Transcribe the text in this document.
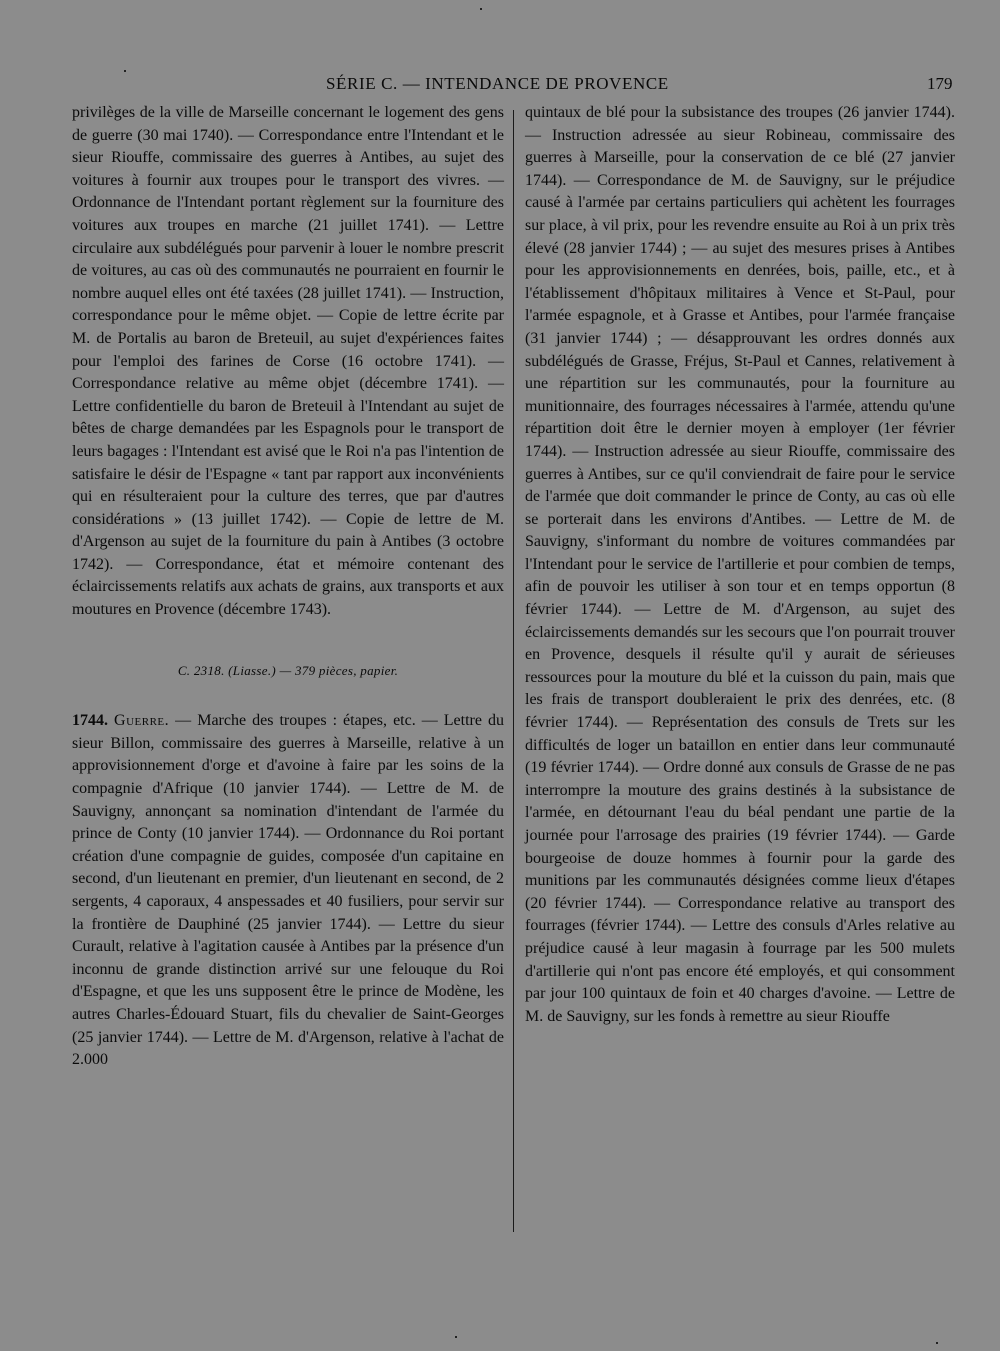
SÉRIE C. — INTENDANCE DE PROVENCE	179

privilèges de la ville de Marseille concernant le logement des gens de guerre (30 mai 1740). — Correspondance entre l'Intendant et le sieur Riouffe, commissaire des guerres à Antibes, au sujet des voitures à fournir aux troupes pour le transport des vivres. — Ordonnance de l'Intendant portant règlement sur la fourniture des voitures aux troupes en marche (21 juillet 1741). — Lettre circulaire aux subdélégués pour parvenir à louer le nombre prescrit de voitures, au cas où des communautés ne pourraient en fournir le nombre auquel elles ont été taxées (28 juillet 1741). — Instruction, correspondance pour le même objet. — Copie de lettre écrite par M. de Portalis au baron de Breteuil, au sujet d'expériences faites pour l'emploi des farines de Corse (16 octobre 1741). — Correspondance relative au même objet (décembre 1741). — Lettre confidentielle du baron de Breteuil à l'Intendant au sujet de bêtes de charge demandées par les Espagnols pour le transport de leurs bagages : l'Intendant est avisé que le Roi n'a pas l'intention de satisfaire le désir de l'Espagne « tant par rapport aux inconvénients qui en résulteraient pour la culture des terres, que par d'autres considérations » (13 juillet 1742). — Copie de lettre de M. d'Argenson au sujet de la fourniture du pain à Antibes (3 octobre 1742). — Correspondance, état et mémoire contenant des éclaircissements relatifs aux achats de grains, aux transports et aux moutures en Provence (décembre 1743).

C. 2318. (Liasse.) — 379 pièces, papier.

1744. Guerre. — Marche des troupes : étapes, etc. — Lettre du sieur Billon, commissaire des guerres à Marseille, relative à un approvisionnement d'orge et d'avoine à faire par les soins de la compagnie d'Afrique (10 janvier 1744). — Lettre de M. de Sauvigny, annonçant sa nomination d'intendant de l'armée du prince de Conty (10 janvier 1744). — Ordonnance du Roi portant création d'une compagnie de guides, composée d'un capitaine en second, d'un lieutenant en premier, d'un lieutenant en second, de 2 sergents, 4 caporaux, 4 anspessades et 40 fusiliers, pour servir sur la frontière de Dauphiné (25 janvier 1744). — Lettre du sieur Curault, relative à l'agitation causée à Antibes par la présence d'un inconnu de grande distinction arrivé sur une felouque du Roi d'Espagne, et que les uns supposent être le prince de Modène, les autres Charles-Édouard Stuart, fils du chevalier de Saint-Georges (25 janvier 1744). — Lettre de M. d'Argenson, relative à l'achat de 2.000

quintaux de blé pour la subsistance des troupes (26 janvier 1744). — Instruction adressée au sieur Robineau, commissaire des guerres à Marseille, pour la conservation de ce blé (27 janvier 1744). — Correspondance de M. de Sauvigny, sur le préjudice causé à l'armée par certains particuliers qui achètent les fourrages sur place, à vil prix, pour les revendre ensuite au Roi à un prix très élevé (28 janvier 1744) ; — au sujet des mesures prises à Antibes pour les approvisionnements en denrées, bois, paille, etc., et à l'établissement d'hôpitaux militaires à Vence et St-Paul, pour l'armée espagnole, et à Grasse et Antibes, pour l'armée française (31 janvier 1744) ; — désapprouvant les ordres donnés aux subdélégués de Grasse, Fréjus, St-Paul et Cannes, relativement à une répartition sur les communautés, pour la fourniture au munitionnaire, des fourrages nécessaires à l'armée, attendu qu'une répartition doit être le dernier moyen à employer (1er février 1744). — Instruction adressée au sieur Riouffe, commissaire des guerres à Antibes, sur ce qu'il conviendrait de faire pour le service de l'armée que doit commander le prince de Conty, au cas où elle se porterait dans les environs d'Antibes. — Lettre de M. de Sauvigny, s'informant du nombre de voitures commandées par l'Intendant pour le service de l'artillerie et pour combien de temps, afin de pouvoir les utiliser à son tour et en temps opportun (8 février 1744). — Lettre de M. d'Argenson, au sujet des éclaircissements demandés sur les secours que l'on pourrait trouver en Provence, desquels il résulte qu'il y aurait de sérieuses ressources pour la mouture du blé et la cuisson du pain, mais que les frais de transport doubleraient le prix des denrées, etc. (8 février 1744). — Représentation des consuls de Trets sur les difficultés de loger un bataillon en entier dans leur communauté (19 février 1744). — Ordre donné aux consuls de Grasse de ne pas interrompre la mouture des grains destinés à la subsistance de l'armée, en détournant l'eau du béal pendant une partie de la journée pour l'arrosage des prairies (19 février 1744). — Garde bourgeoise de douze hommes à fournir pour la garde des munitions par les communautés désignées comme lieux d'étapes (20 février 1744). — Correspondance relative au transport des fourrages (février 1744). — Lettre des consuls d'Arles relative au préjudice causé à leur magasin à fourrage par les 500 mulets d'artillerie qui n'ont pas encore été employés, et qui consomment par jour 100 quintaux de foin et 40 charges d'avoine. — Lettre de M. de Sauvigny, sur les fonds à remettre au sieur Riouffe
